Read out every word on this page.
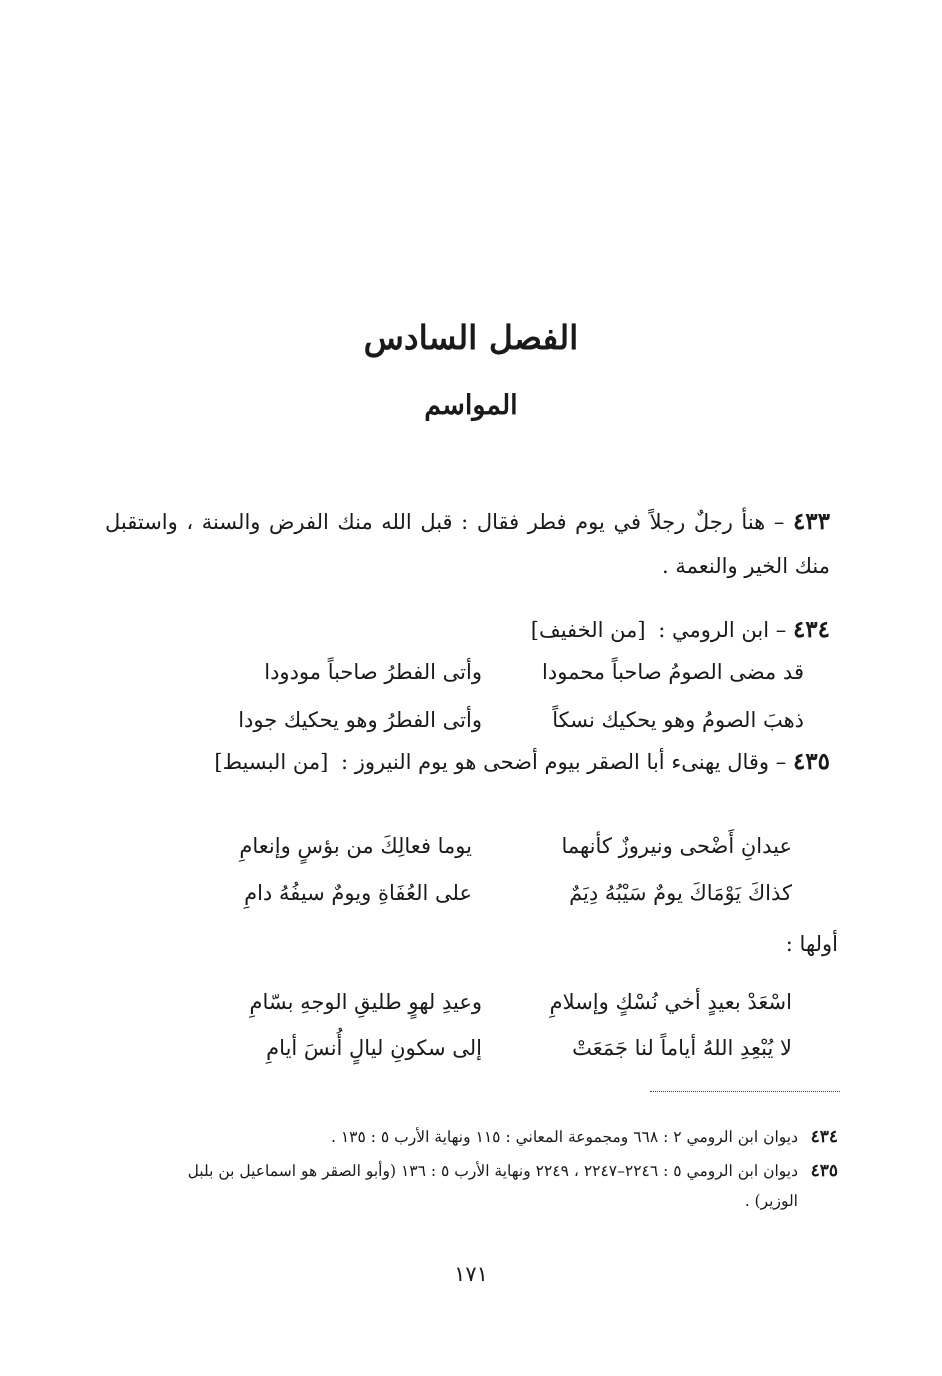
الفصل السادس
المواسم

٤٣٣ – هنأ رجلٌ رجلاً في يوم فطر فقال : قبل الله منك الفرض والسنة ، واستقبل منك الخير والنعمة .

٤٣٤ – ابن الرومي : [من الخفيف]

قد مضى الصومُ صاحباً محمودا
وأتى الفطرُ صاحباً مودودا
ذهبَ الصومُ وهو يحكيك نسكاً
وأتى الفطرُ وهو يحكيك جودا

٤٣٥ – وقال يهنىء أبا الصقر بيوم أضحى هو يوم النيروز : [من البسيط]

عيدانِ أَضْحى ونيروزٌ كأنهما
يوما فعالِكَ من بؤسٍ وإنعامِ
كذاكَ يَوْمَاكَ يومٌ سَيْبُهُ دِيَمٌ
على العُفَاةِ ويومٌ سيفُهُ دامِ

أولها :

اسْعَدْ بعيدٍ أخي نُسْكٍ وإسلامِ
وعيدِ لهوٍ طليقِ الوجهِ بسّامِ
لا يُبْعِدِ اللهُ أياماً لنا جَمَعَتْ
إلى سكونِ ليالٍ أُنسَ أيامِ

٤٣٤
ديوان ابن الرومي ٢ : ٦٦٨ ومجموعة المعاني : ١١٥ ونهاية الأرب ٥ : ١٣٥ .

٤٣٥
ديوان ابن الرومي ٥ : ٢٢٤٦–٢٢٤٧ ، ٢٢٤٩ ونهاية الأرب ٥ : ١٣٦ (وأبو الصقر هو اسماعيل بن بلبل الوزير) .

١٧١
